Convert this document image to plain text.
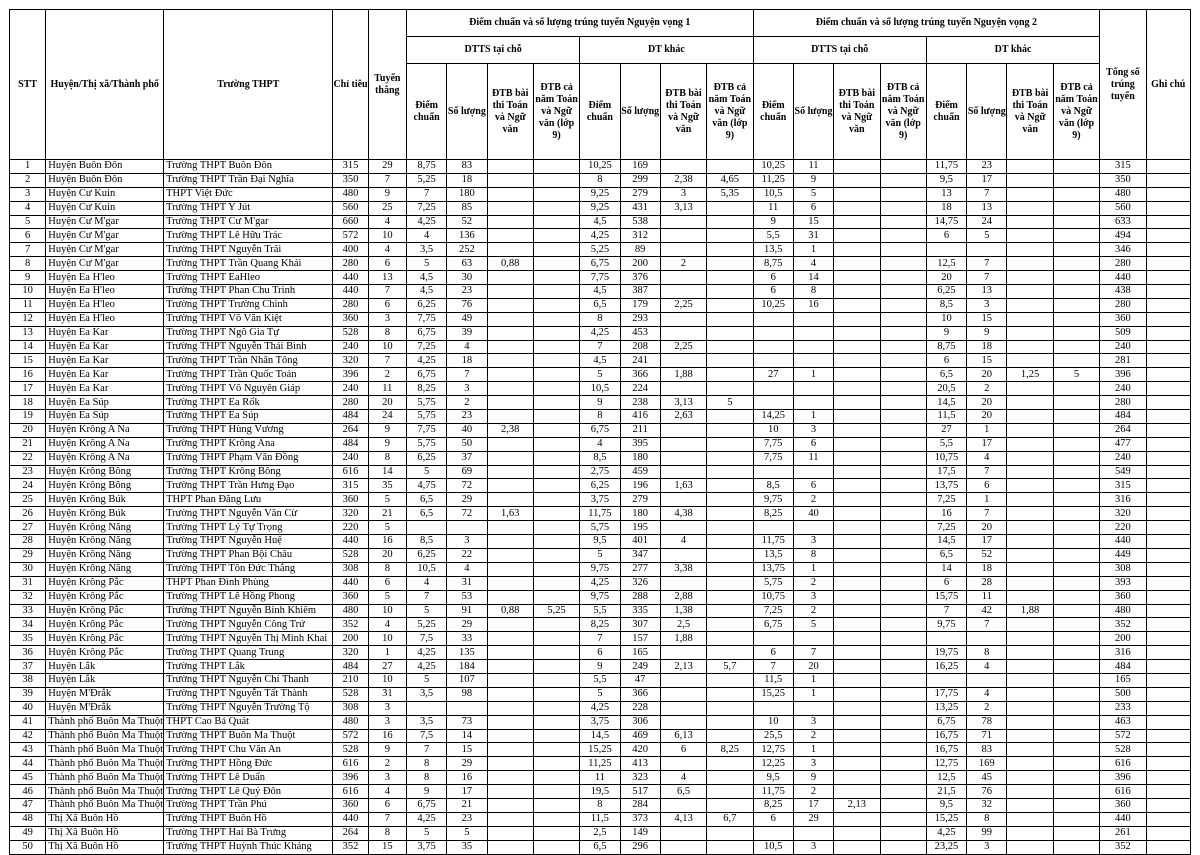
STT	Huyện/Thị xã/Thành phố	Trường THPT	Chỉ tiêu	Tuyển thẳng	Điểm chuẩn và số lượng trúng tuyển Nguyện vọng 1								Điểm chuẩn và số lượng trúng tuyển Nguyện vọng 2								Tổng số trúng tuyển	Ghi chú
					DTTS tại chỗ				DT khác				DTTS tại chỗ				DT khác					
					Điểm chuẩn	Số lượng	ĐTB bài thi Toán và Ngữ văn	ĐTB cả năm Toán và Ngữ văn (lớp 9)	Điểm chuẩn	Số lượng	ĐTB bài thi Toán và Ngữ văn	ĐTB cả năm Toán và Ngữ văn (lớp 9)	Điểm chuẩn	Số lượng	ĐTB bài thi Toán và Ngữ văn	ĐTB cả năm Toán và Ngữ văn (lớp 9)	Điểm chuẩn	Số lượng	ĐTB bài thi Toán và Ngữ văn	ĐTB cả năm Toán và Ngữ văn (lớp 9)		
1	Huyện Buôn Đôn	Trường THPT Buôn Đôn	315	29	8,75	83			10,25	169			10,25	11			11,75	23			315	
2	Huyện Buôn Đôn	Trường THPT Trần Đại Nghĩa	350	7	5,25	18			8	299	2,38	4,65	11,25	9			9,5	17			350	
3	Huyện Cư Kuin	THPT Việt Đức	480	9	7	180			9,25	279	3	5,35	10,5	5			13	7			480	
4	Huyện Cư Kuin	Trường THPT Y Jút	560	25	7,25	85			9,25	431	3,13		11	6			18	13			560	
5	Huyện Cư M'gar	Trường THPT Cư M'gar	660	4	4,25	52			4,5	538			9	15			14,75	24			633	
6	Huyện Cư M'gar	Trường THPT Lê Hữu Trác	572	10	4	136			4,25	312			5,5	31			6	5			494	
7	Huyện Cư M'gar	Trường THPT Nguyễn Trãi	400	4	3,5	252			5,25	89			13,5	1							346	
8	Huyện Cư M'gar	Trường THPT Trần Quang Khải	280	6	5	63	0,88		6,75	200	2		8,75	4			12,5	7			280	
9	Huyện Ea H'leo	Trường THPT EaHleo	440	13	4,5	30			7,75	376			6	14			20	7			440	
10	Huyện Ea H'leo	Trường THPT Phan Chu Trinh	440	7	4,5	23			4,5	387			6	8			6,25	13			438	
11	Huyện Ea H'leo	Trường THPT Trường Chinh	280	6	6,25	76			6,5	179	2,25		10,25	16			8,5	3			280	
12	Huyện Ea H'leo	Trường THPT Võ Văn Kiệt	360	3	7,75	49			8	293							10	15			360	
13	Huyện Ea Kar	Trường THPT Ngô Gia Tự	528	8	6,75	39			4,25	453							9	9			509	
14	Huyện Ea Kar	Trường THPT Nguyễn Thái Bình	240	10	7,25	4			7	208	2,25						8,75	18			240	
15	Huyện Ea Kar	Trường THPT Trần Nhân Tông	320	7	4,25	18			4,5	241							6	15			281	
16	Huyện Ea Kar	Trường THPT Trần Quốc Toản	396	2	6,75	7			5	366	1,88		27	1			6,5	20	1,25	5	396	
17	Huyện Ea Kar	Trường THPT Võ Nguyên Giáp	240	11	8,25	3			10,5	224							20,5	2			240	
18	Huyện Ea Súp	Trường THPT Ea Rốk	280	20	5,75	2			9	238	3,13	5					14,5	20			280	
19	Huyện Ea Súp	Trường THPT Ea Súp	484	24	5,75	23			8	416	2,63		14,25	1			11,5	20			484	
20	Huyện Krông A Na	Trường THPT Hùng Vương	264	9	7,75	40	2,38		6,75	211			10	3			27	1			264	
21	Huyện Krông A Na	Trường THPT Krông Ana	484	9	5,75	50			4	395			7,75	6			5,5	17			477	
22	Huyện Krông A Na	Trường THPT Phạm Văn Đồng	240	8	6,25	37			8,5	180			7,75	11			10,75	4			240	
23	Huyện Krông Bông	Trường THPT Krông Bông	616	14	5	69			2,75	459							17,5	7			549	
24	Huyện Krông Bông	Trường THPT Trần Hưng Đạo	315	35	4,75	72			6,25	196	1,63		8,5	6			13,75	6			315	
25	Huyện Krông Búk	THPT Phan Đăng Lưu	360	5	6,5	29			3,75	279			9,75	2			7,25	1			316	
26	Huyện Krông Búk	Trường THPT Nguyễn Văn Cừ	320	21	6,5	72	1,63		11,75	180	4,38		8,25	40			16	7			320	
27	Huyện Krông Năng	Trường THPT Lý Tự Trọng	220	5					5,75	195							7,25	20			220	
28	Huyện Krông Năng	Trường THPT Nguyễn Huệ	440	16	8,5	3			9,5	401	4		11,75	3			14,5	17			440	
29	Huyện Krông Năng	Trường THPT Phan Bội Châu	528	20	6,25	22			5	347			13,5	8			6,5	52			449	
30	Huyện Krông Năng	Trường THPT Tôn Đức Thắng	308	8	10,5	4			9,75	277	3,38		13,75	1			14	18			308	
31	Huyện Krông Pắc	THPT Phan Đình Phùng	440	6	4	31			4,25	326			5,75	2			6	28			393	
32	Huyện Krông Pắc	Trường THPT Lê Hồng Phong	360	5	7	53			9,75	288	2,88		10,75	3			15,75	11			360	
33	Huyện Krông Pắc	Trường THPT Nguyễn Bỉnh Khiêm	480	10	5	91	0,88	5,25	5,5	335	1,38		7,25	2			7	42	1,88		480	
34	Huyện Krông Pắc	Trường THPT Nguyễn Công Trứ	352	4	5,25	29			8,25	307	2,5		6,75	5			9,75	7			352	
35	Huyện Krông Pắc	Trường THPT Nguyễn Thị Minh Khai	200	10	7,5	33			7	157	1,88										200	
36	Huyện Krông Pắc	Trường THPT Quang Trung	320	1	4,25	135			6	165			6	7			19,75	8			316	
37	Huyện Lắk	Trường THPT Lắk	484	27	4,25	184			9	249	2,13	5,7	7	20			16,25	4			484	
38	Huyện Lắk	Trường THPT Nguyễn Chí Thanh	210	10	5	107			5,5	47			11,5	1							165	
39	Huyện M'Đrắk	Trường THPT Nguyễn Tất Thành	528	31	3,5	98			5	366			15,25	1			17,75	4			500	
40	Huyện M'Đrắk	Trường THPT Nguyễn Trường Tộ	308	3					4,25	228							13,25	2			233	
41	Thành phố Buôn Ma Thuột	THPT Cao Bá Quát	480	3	3,5	73			3,75	306			10	3			6,75	78			463	
42	Thành phố Buôn Ma Thuột	Trường THPT Buôn Ma Thuột	572	16	7,5	14			14,5	469	6,13		25,5	2			16,75	71			572	
43	Thành phố Buôn Ma Thuột	Trường THPT Chu Văn An	528	9	7	15			15,25	420	6	8,25	12,75	1			16,75	83			528	
44	Thành phố Buôn Ma Thuột	Trường THPT Hồng Đức	616	2	8	29			11,25	413			12,25	3			12,75	169			616	
45	Thành phố Buôn Ma Thuột	Trường THPT Lê Duẩn	396	3	8	16			11	323	4		9,5	9			12,5	45			396	
46	Thành phố Buôn Ma Thuột	Trường THPT Lê Quý Đôn	616	4	9	17			19,5	517	6,5		11,75	2			21,5	76			616	
47	Thành phố Buôn Ma Thuột	Trường THPT Trần Phú	360	6	6,75	21			8	284			8,25	17	2,13		9,5	32			360	
48	Thị Xã Buôn Hồ	Trường THPT Buôn Hồ	440	7	4,25	23			11,5	373	4,13	6,7	6	29			15,25	8			440	
49	Thị Xã Buôn Hồ	Trường THPT Hai Bà Trưng	264	8	5	5			2,5	149							4,25	99			261	
50	Thị Xã Buôn Hồ	Trường THPT Huỳnh Thúc Kháng	352	15	3,75	35			6,5	296			10,5	3			23,25	3			352	
